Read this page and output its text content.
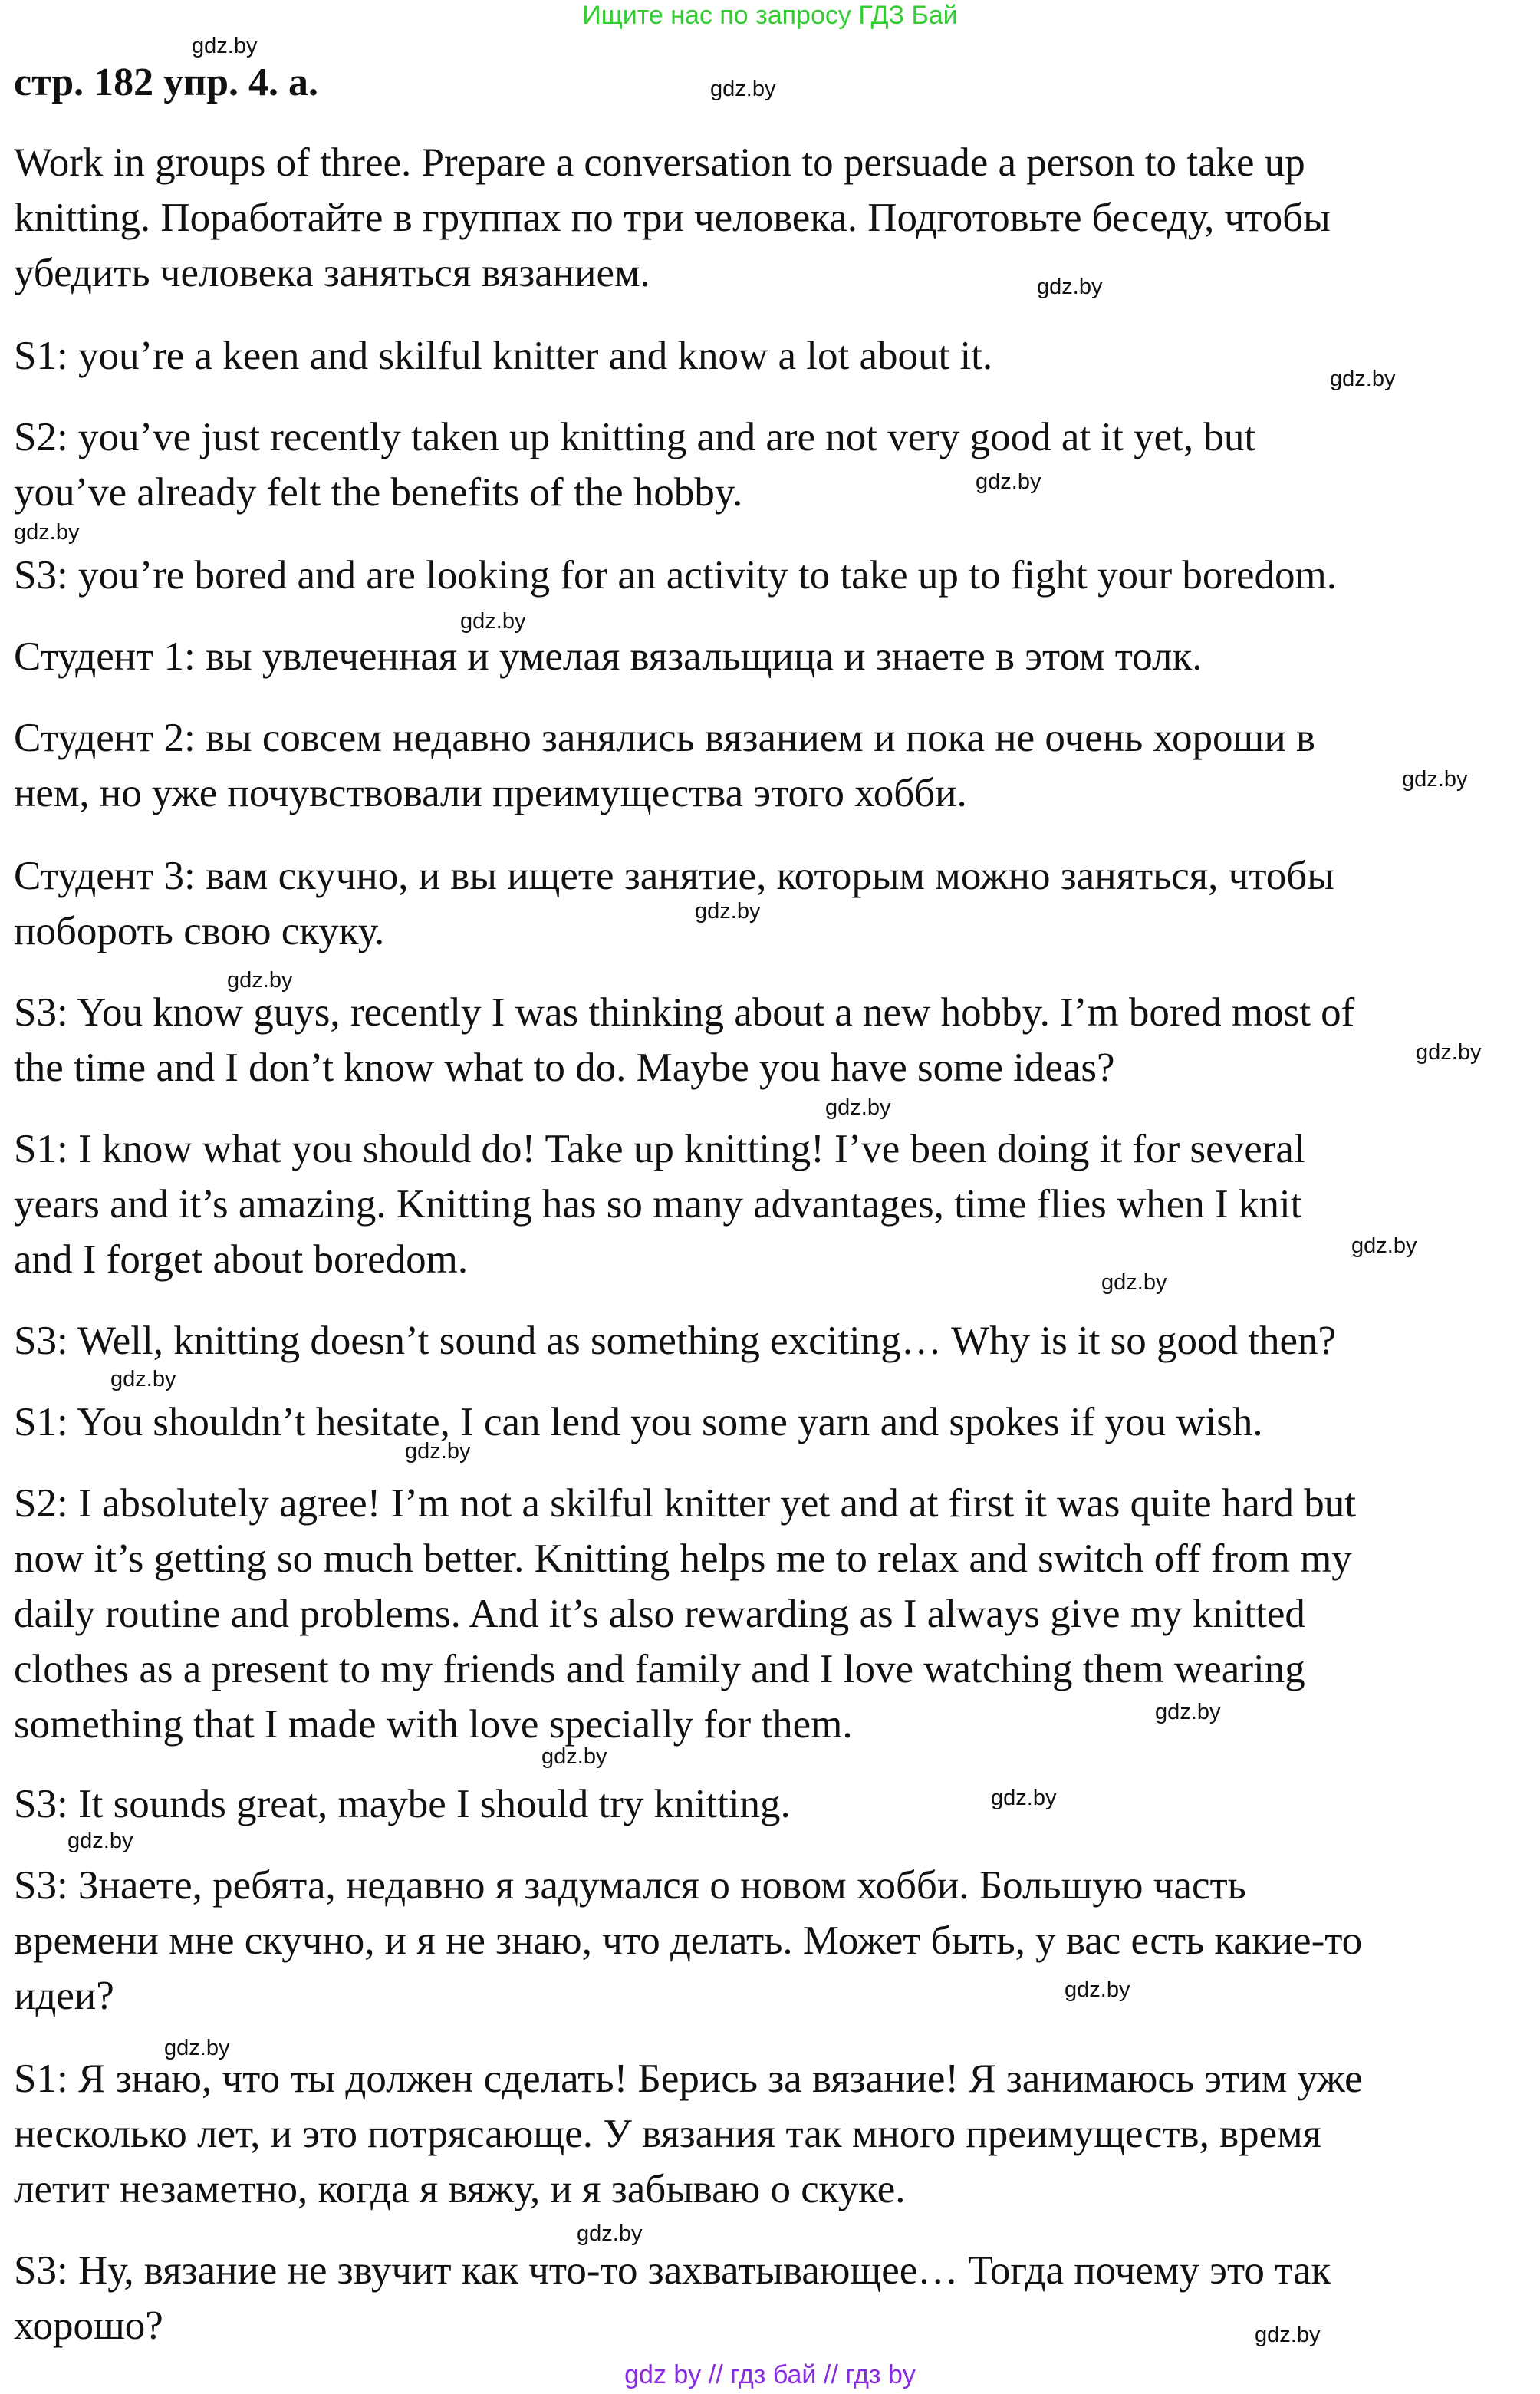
Ищите нас по запросу ГДЗ Бай
стр. 182 упр. 4. а.
Work in groups of three. Prepare a conversation to persuade a person to take up
knitting. Поработайте в группах по три человека. Подготовьте беседу, чтобы
убедить человека заняться вязанием.
S1: you’re a keen and skilful knitter and know a lot about it.
S2: you’ve just recently taken up knitting and are not very good at it yet, but
you’ve already felt the benefits of the hobby.
S3: you’re bored and are looking for an activity to take up to fight your boredom.
Студент 1: вы увлеченная и умелая вязальщица и знаете в этом толк.
Студент 2: вы совсем недавно занялись вязанием и пока не очень хороши в
нем, но уже почувствовали преимущества этого хобби.
Студент 3: вам скучно, и вы ищете занятие, которым можно заняться, чтобы
побороть свою скуку.
S3: You know guys, recently I was thinking about a new hobby. I’m bored most of
the time and I don’t know what to do. Maybe you have some ideas?
S1: I know what you should do! Take up knitting! I’ve been doing it for several
years and it’s amazing. Knitting has so many advantages, time flies when I knit
and I forget about boredom.
S3: Well, knitting doesn’t sound as something exciting… Why is it so good then?
S1: You shouldn’t hesitate, I can lend you some yarn and spokes if you wish.
S2: I absolutely agree! I’m not a skilful knitter yet and at first it was quite hard but
now it’s getting so much better. Knitting helps me to relax and switch off from my
daily routine and problems. And it’s also rewarding as I always give my knitted
clothes as a present to my friends and family and I love watching them wearing
something that I made with love specially for them.
S3: It sounds great, maybe I should try knitting.
S3: Знаете, ребята, недавно я задумался о новом хобби. Большую часть
времени мне скучно, и я не знаю, что делать. Может быть, у вас есть какие-то
идеи?
S1: Я знаю, что ты должен сделать! Берись за вязание! Я занимаюсь этим уже
несколько лет, и это потрясающе. У вязания так много преимуществ, время
летит незаметно, когда я вяжу, и я забываю о скуке.
S3: Ну, вязание не звучит как что-то захватывающее… Тогда почему это так
хорошо?
gdz.by
gdz.by
gdz.by
gdz.by
gdz.by
gdz.by
gdz.by
gdz.by
gdz.by
gdz.by
gdz.by
gdz.by
gdz.by
gdz.by
gdz.by
gdz.by
gdz.by
gdz.by
gdz.by
gdz.by
gdz.by
gdz.by
gdz.by
gdz.by
gdz by // гдз бай // гдз by
